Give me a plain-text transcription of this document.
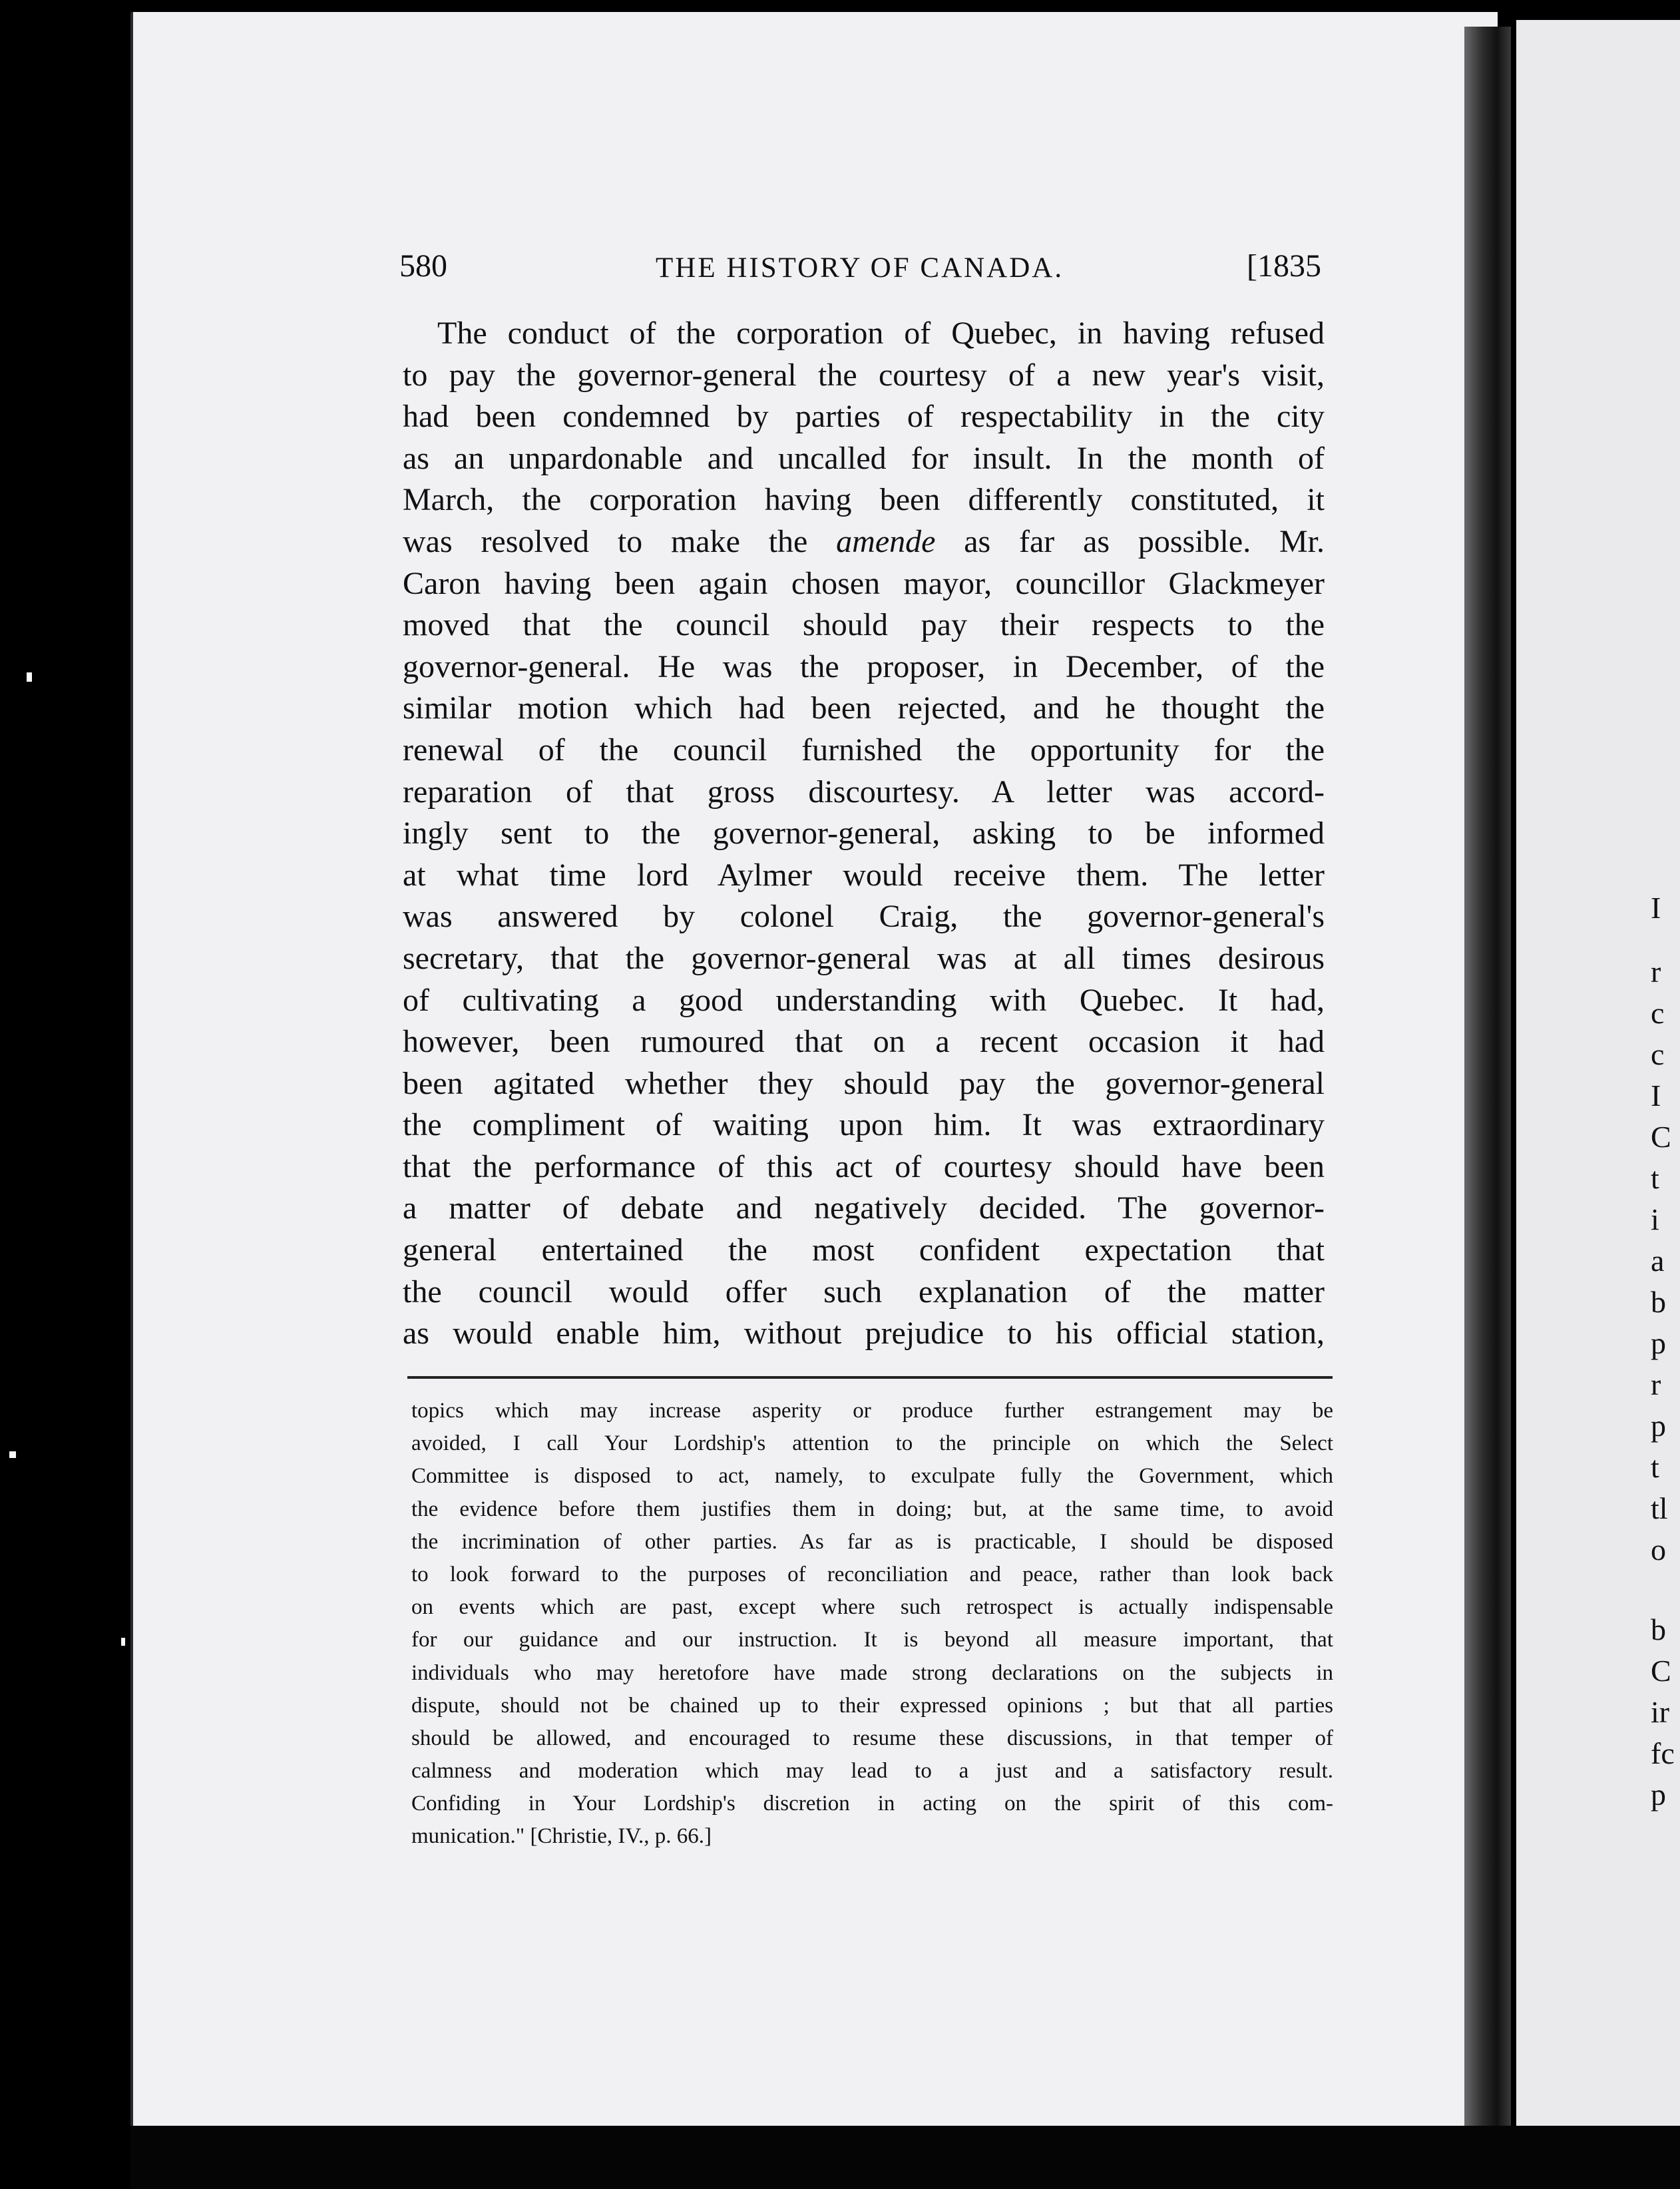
580	THE HISTORY OF CANADA.	[1835
The conduct of the corporation of Quebec, in having refused
to pay the governor-general the courtesy of a new year's visit,
had been condemned by parties of respectability in the city
as an unpardonable and uncalled for insult. In the month of
March, the corporation having been differently constituted, it
was resolved to make the amende as far as possible. Mr.
Caron having been again chosen mayor, councillor Glackmeyer
moved that the council should pay their respects to the
governor-general. He was the proposer, in December, of the
similar motion which had been rejected, and he thought the
renewal of the council furnished the opportunity for the
reparation of that gross discourtesy. A letter was accord-
ingly sent to the governor-general, asking to be informed
at what time lord Aylmer would receive them. The letter
was answered by colonel Craig, the governor-general's
secretary, that the governor-general was at all times desirous
of cultivating a good understanding with Quebec. It had,
however, been rumoured that on a recent occasion it had
been agitated whether they should pay the governor-general
the compliment of waiting upon him. It was extraordinary
that the performance of this act of courtesy should have been
a matter of debate and negatively decided. The governor-
general entertained the most confident expectation that
the council would offer such explanation of the matter
as would enable him, without prejudice to his official station,
topics which may increase asperity or produce further estrangement may be
avoided, I call Your Lordship's attention to the principle on which the Select
Committee is disposed to act, namely, to exculpate fully the Government, which
the evidence before them justifies them in doing; but, at the same time, to avoid
the incrimination of other parties. As far as is practicable, I should be disposed
to look forward to the purposes of reconciliation and peace, rather than look back
on events which are past, except where such retrospect is actually indispensable
for our guidance and our instruction. It is beyond all measure important, that
individuals who may heretofore have made strong declarations on the subjects in
dispute, should not be chained up to their expressed opinions ; but that all parties
should be allowed, and encouraged to resume these discussions, in that temper of
calmness and moderation which may lead to a just and a satisfactory result.
Confiding in Your Lordship's discretion in acting on the spirit of this com-
munication." [Christie, IV., p. 66.]
I
r
c
c
I
C
t
i
a
b
p
r
p
t
tl
o
b
C
ir
fc
p
